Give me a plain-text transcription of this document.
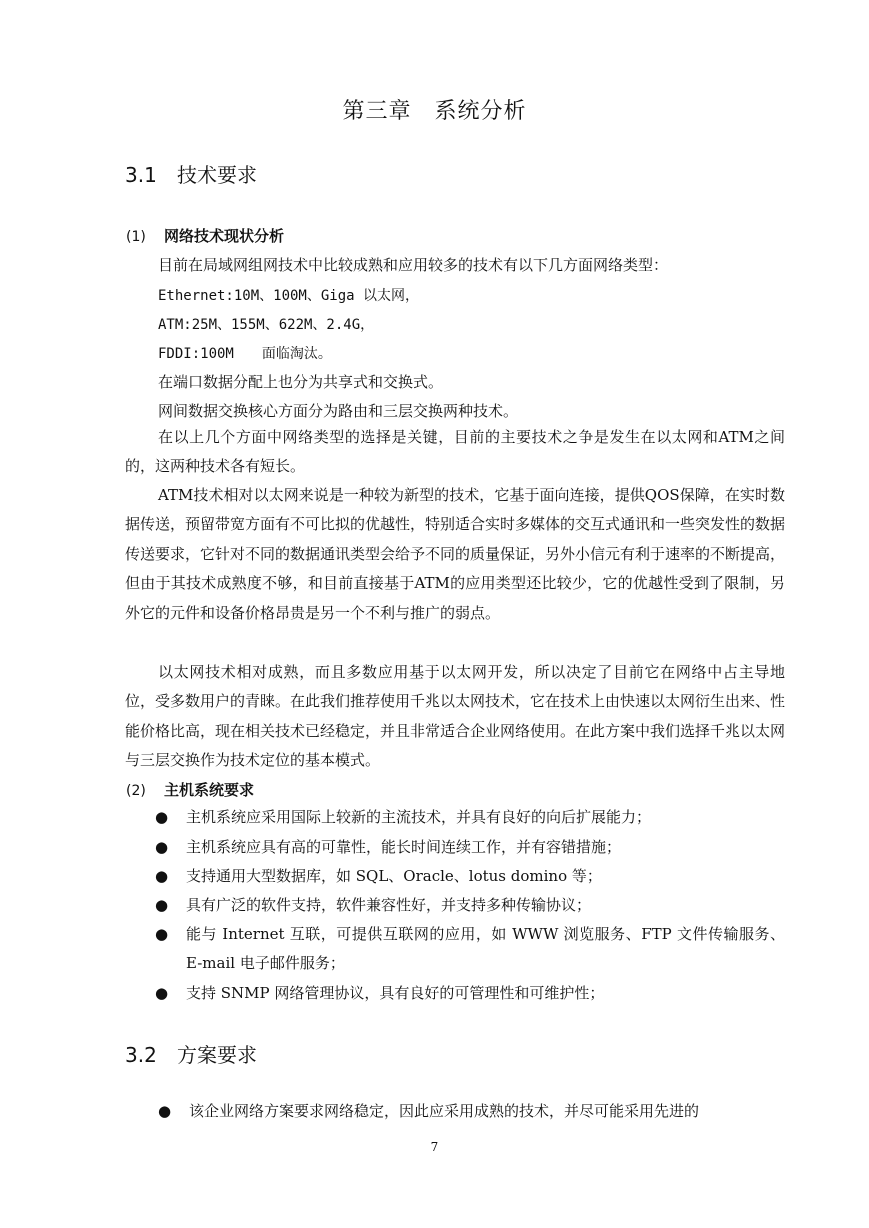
第三章　系统分析
3.1 技术要求
(1) 网络技术现状分析
目前在局域网组网技术中比较成熟和应用较多的技术有以下几方面网络类型：
Ethernet:10M、100M、Giga 以太网，
ATM:25M、155M、622M、2.4G，
FDDI:100M　　面临淘汰。
在端口数据分配上也分为共享式和交换式。
网间数据交换核心方面分为路由和三层交换两种技术。

在以上几个方面中网络类型的选择是关键，目前的主要技术之争是发生在以太网和ATM之间的，这两种技术各有短长。

ATM技术相对以太网来说是一种较为新型的技术，它基于面向连接，提供QOS保障，在实时数据传送，预留带宽方面有不可比拟的优越性，特别适合实时多媒体的交互式通讯和一些突发性的数据传送要求，它针对不同的数据通讯类型会给予不同的质量保证，另外小信元有利于速率的不断提高，但由于其技术成熟度不够，和目前直接基于ATM的应用类型还比较少，它的优越性受到了限制，另外它的元件和设备价格昂贵是另一个不利与推广的弱点。

以太网技术相对成熟，而且多数应用基于以太网开发，所以决定了目前它在网络中占主导地位，受多数用户的青睐。在此我们推荐使用千兆以太网技术，它在技术上由快速以太网衍生出来、性能价格比高，现在相关技术已经稳定，并且非常适合企业网络使用。在此方案中我们选择千兆以太网与三层交换作为技术定位的基本模式。

(2) 主机系统要求
● 主机系统应采用国际上较新的主流技术，并具有良好的向后扩展能力；
● 主机系统应具有高的可靠性，能长时间连续工作，并有容错措施；
● 支持通用大型数据库，如 SQL、Oracle、lotus domino 等；
● 具有广泛的软件支持，软件兼容性好，并支持多种传输协议；
● 能与 Internet 互联，可提供互联网的应用，如 WWW 浏览服务、FTP 文件传输服务、E-mail 电子邮件服务；
● 支持 SNMP 网络管理协议，具有良好的可管理性和可维护性；
3.2 方案要求
● 该企业网络方案要求网络稳定，因此应采用成熟的技术，并尽可能采用先进的
7
